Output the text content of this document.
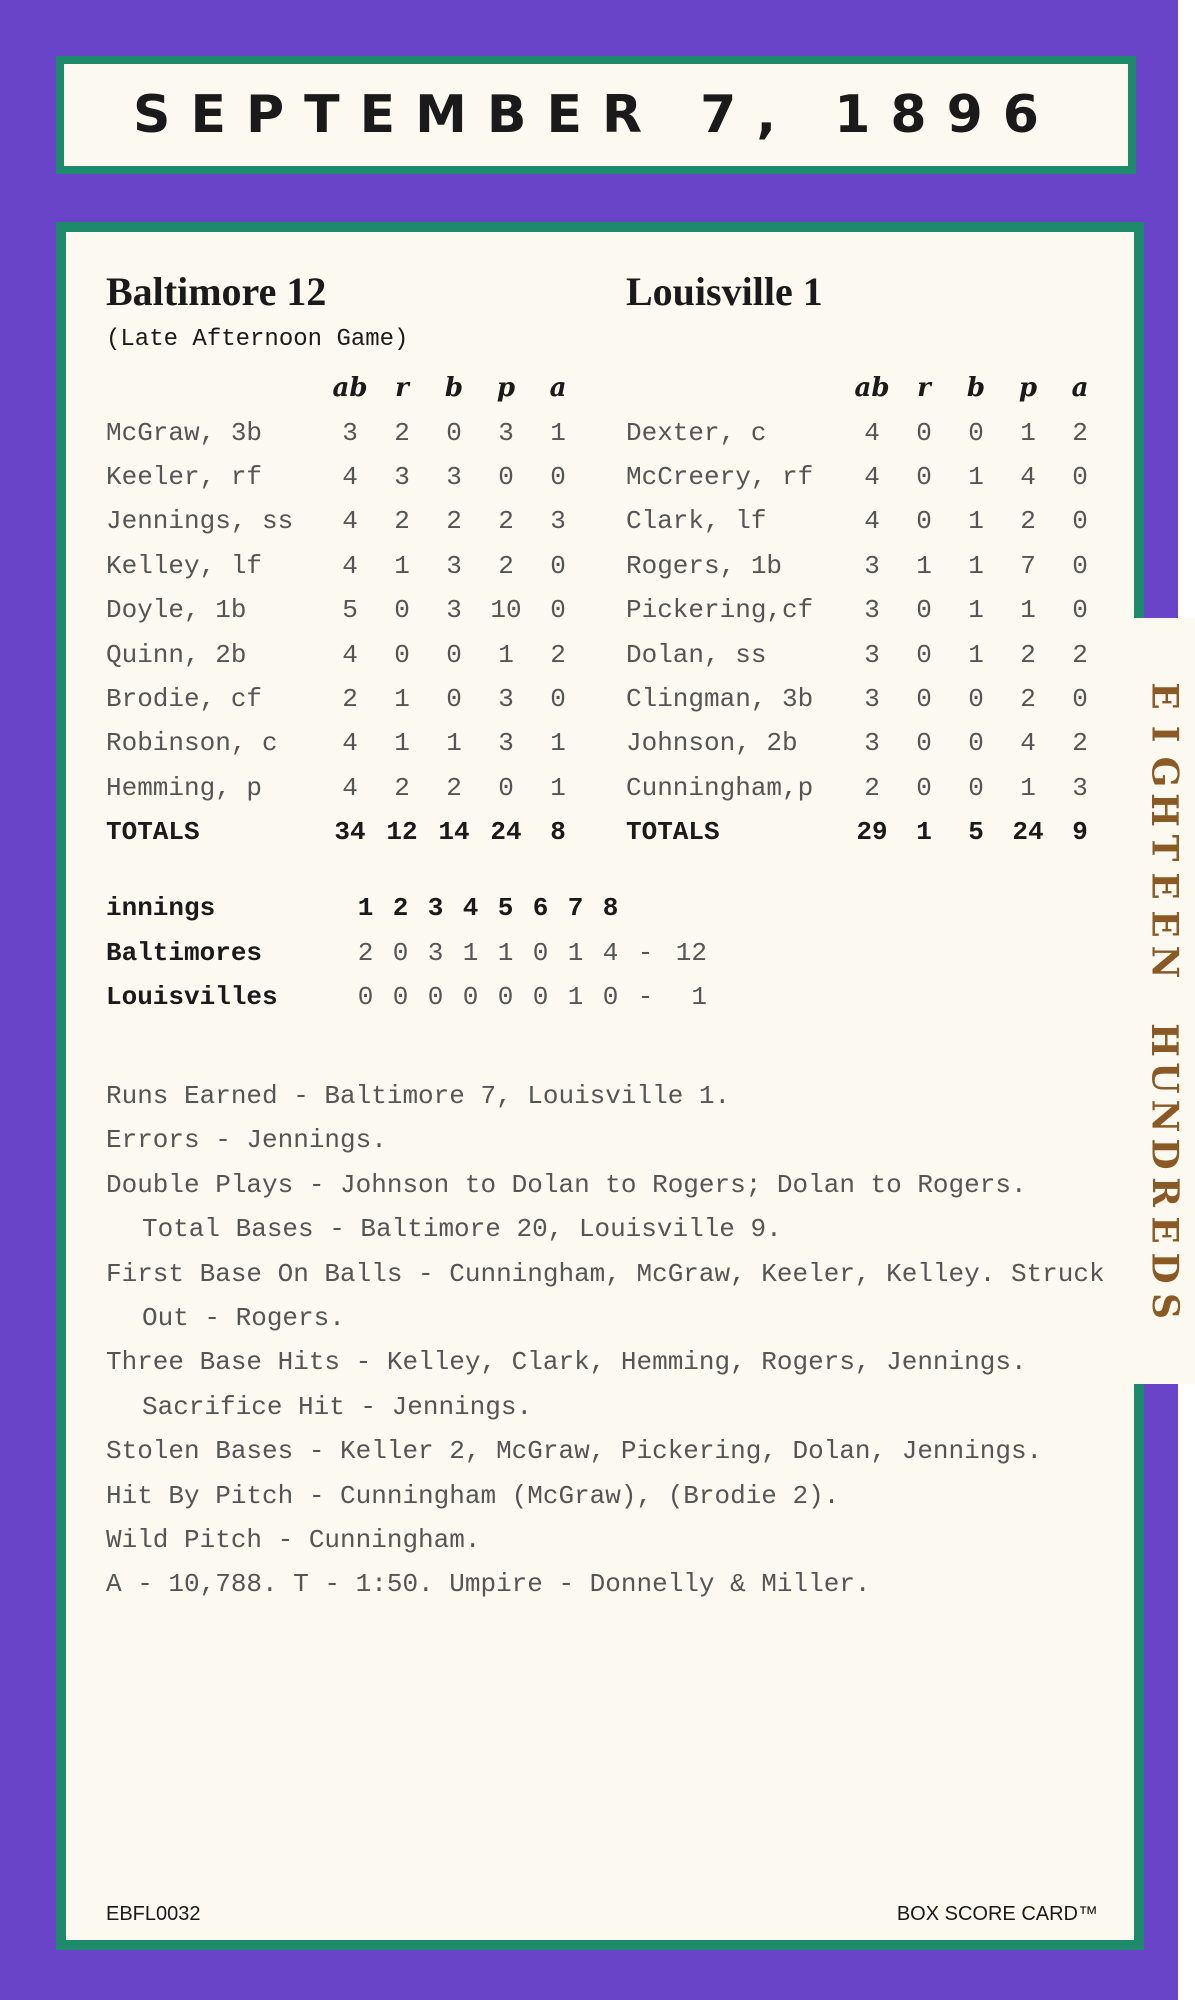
SEPTEMBER 7, 1896
Baltimore 12	Louisville 1
(Late Afternoon Game)
	ab	r	b	p	a
McGraw, 3b	3	2	0	3	1
Keeler, rf	4	3	3	0	0
Jennings, ss	4	2	2	2	3
Kelley, lf	4	1	3	2	0
Doyle, 1b	5	0	3	10	0
Quinn, 2b	4	0	0	1	2
Brodie, cf	2	1	0	3	0
Robinson, c	4	1	1	3	1
Hemming, p	4	2	2	0	1
TOTALS	34	12	14	24	8
	ab	r	b	p	a
Dexter, c	4	0	0	1	2
McCreery, rf	4	0	1	4	0
Clark, lf	4	0	1	2	0
Rogers, 1b	3	1	1	7	0
Pickering,cf	3	0	1	1	0
Dolan, ss	3	0	1	2	2
Clingman, 3b	3	0	0	2	0
Johnson, 2b	3	0	0	4	2
Cunningham,p	2	0	0	1	3
TOTALS	29	1	5	24	9
innings	1	2	3	4	5	6	7	8		
Baltimores	2	0	3	1	1	0	1	4	-	12
Louisvilles	0	0	0	0	0	0	1	0	-	1
Runs Earned - Baltimore 7, Louisville 1.
Errors - Jennings.
Double Plays - Johnson to Dolan to Rogers; Dolan to Rogers. Total Bases - Baltimore 20, Louisville 9.
First Base On Balls - Cunningham, McGraw, Keeler, Kelley. Struck Out - Rogers.
Three Base Hits - Kelley, Clark, Hemming, Rogers, Jennings. Sacrifice Hit - Jennings.
Stolen Bases - Keller 2, McGraw, Pickering, Dolan, Jennings.
Hit By Pitch - Cunningham (McGraw), (Brodie 2).
Wild Pitch - Cunningham.
A - 10,788. T - 1:50. Umpire - Donnelly & Miller.
EBFL0032	BOX SCORE CARD™
E
I
G
H
T
E
E
N
H
U
N
D
R
E
D
S
